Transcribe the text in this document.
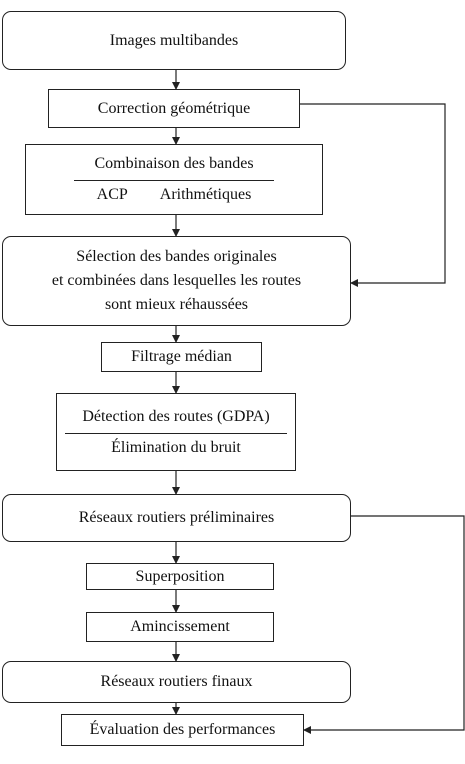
Images multibandes
Correction géométrique
Combinaison des bandes
ACP Arithmétiques
Sélection des bandes originales
et combinées dans lesquelles les routes
sont mieux réhaussées
Filtrage médian
Détection des routes (GDPA)
Élimination du bruit
Réseaux routiers préliminaires
Superposition
Amincissement
Réseaux routiers finaux
Évaluation des performances
